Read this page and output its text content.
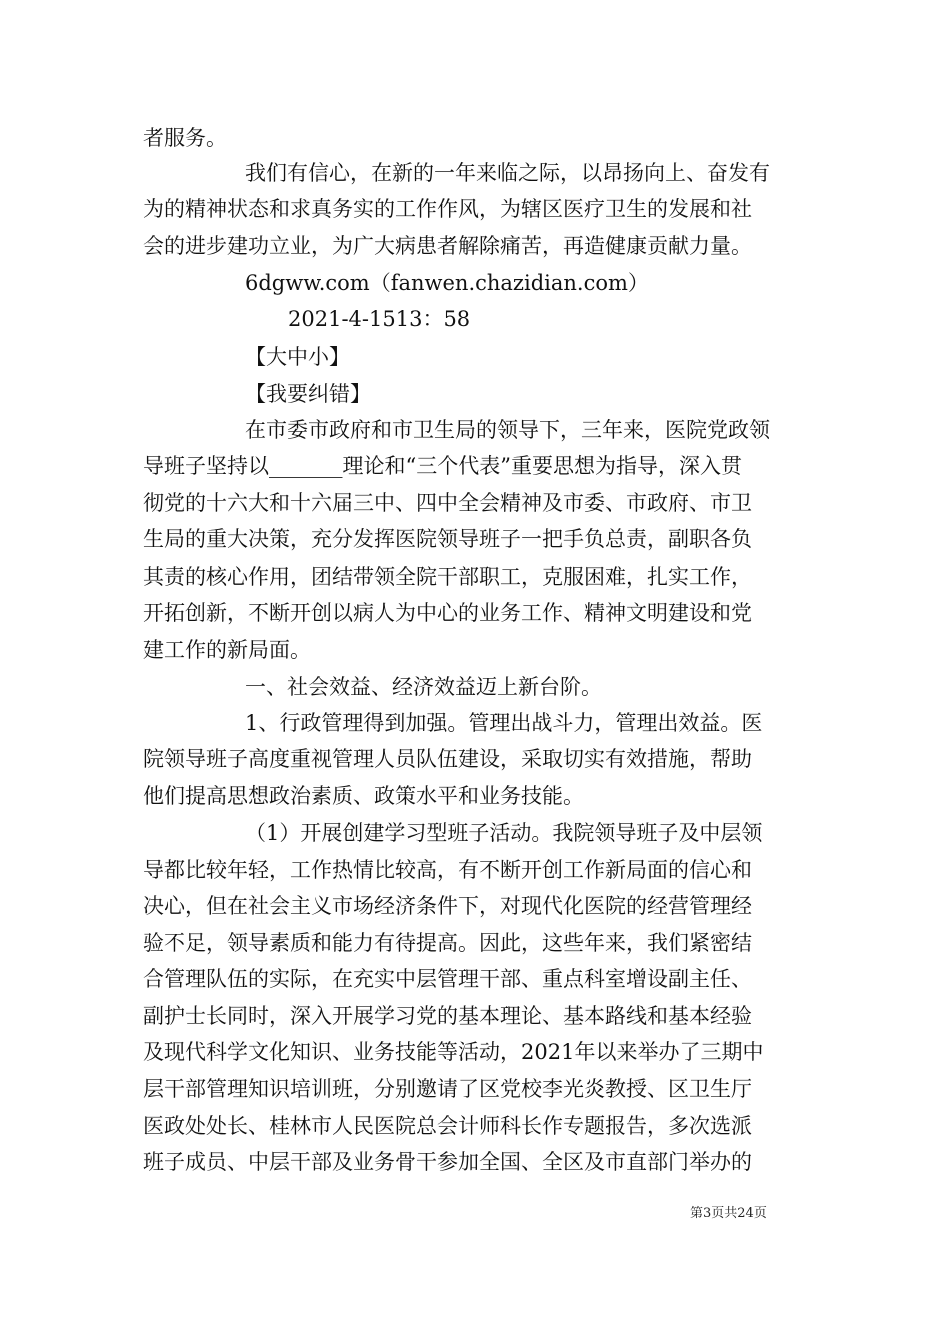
者服务。
我们有信心，在新的一年来临之际，以昂扬向上、奋发有
为的精神状态和求真务实的工作作风，为辖区医疗卫生的发展和社
会的进步建功立业，为广大病患者解除痛苦，再造健康贡献力量。
6dgww.com（fanwen.chazidian.com）
2021-4-1513：58
【大中小】
【我要纠错】
在市委市政府和市卫生局的领导下，三年来，医院党政领
导班子坚持以_______理论和“三个代表”重要思想为指导，深入贯
彻党的十六大和十六届三中、四中全会精神及市委、市政府、市卫
生局的重大决策，充分发挥医院领导班子一把手负总责，副职各负
其责的核心作用，团结带领全院干部职工，克服困难，扎实工作，
开拓创新，不断开创以病人为中心的业务工作、精神文明建设和党
建工作的新局面。
一、社会效益、经济效益迈上新台阶。
1、行政管理得到加强。管理出战斗力，管理出效益。医
院领导班子高度重视管理人员队伍建设，采取切实有效措施，帮助
他们提高思想政治素质、政策水平和业务技能。
（1）开展创建学习型班子活动。我院领导班子及中层领
导都比较年轻，工作热情比较高，有不断开创工作新局面的信心和
决心，但在社会主义市场经济条件下，对现代化医院的经营管理经
验不足，领导素质和能力有待提高。因此，这些年来，我们紧密结
合管理队伍的实际，在充实中层管理干部、重点科室增设副主任、
副护士长同时，深入开展学习党的基本理论、基本路线和基本经验
及现代科学文化知识、业务技能等活动，2021年以来举办了三期中
层干部管理知识培训班，分别邀请了区党校李光炎教授、区卫生厅
医政处处长、桂林市人民医院总会计师科长作专题报告，多次选派
班子成员、中层干部及业务骨干参加全国、全区及市直部门举办的
第3页共24页
